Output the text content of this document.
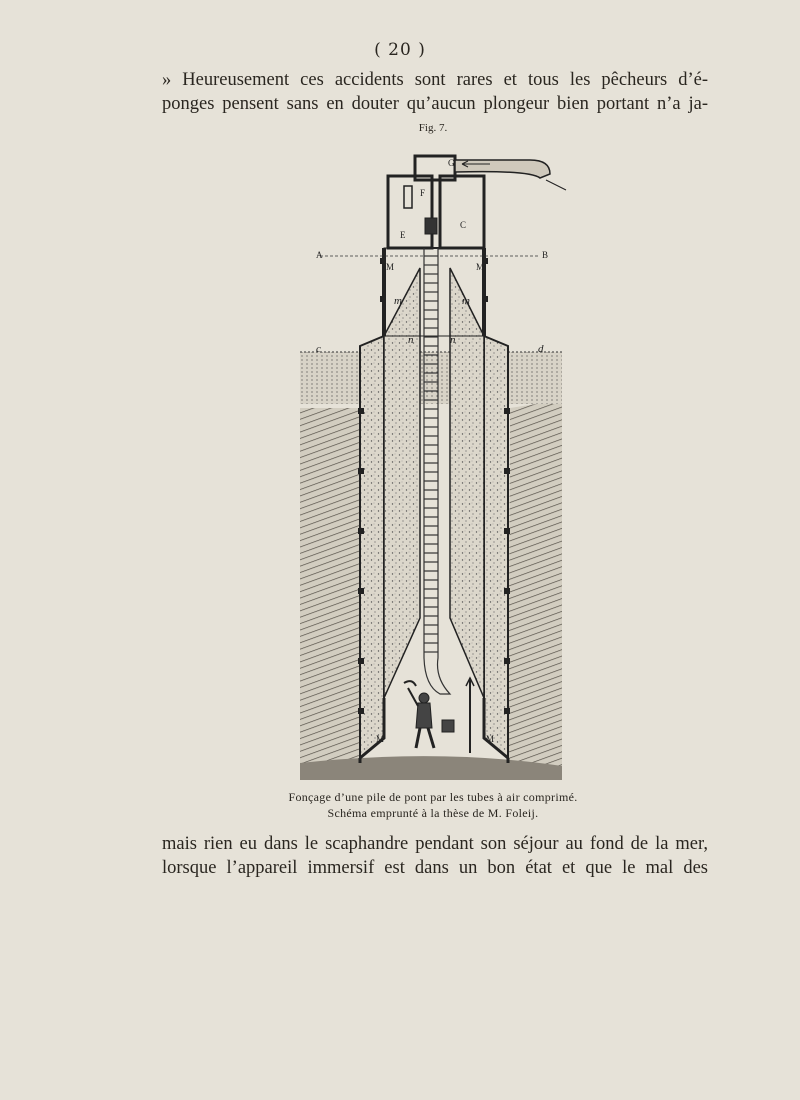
( 20 )
» Heureusement ces accidents sont rares et tous les pêcheurs d’é-
ponges pensent sans en douter qu’aucun plongeur bien portant n’a ja-
Fig. 7.
A	B
C
E
F
G
M	M
M	M
m	m
n	n
c	d
Fonçage d’une pile de pont par les tubes à air comprimé.
Schéma emprunté à la thèse de M. Foleij.
mais rien eu dans le scaphandre pendant son séjour au fond de la mer,
lorsque l’appareil immersif est dans un bon état et que le mal des
